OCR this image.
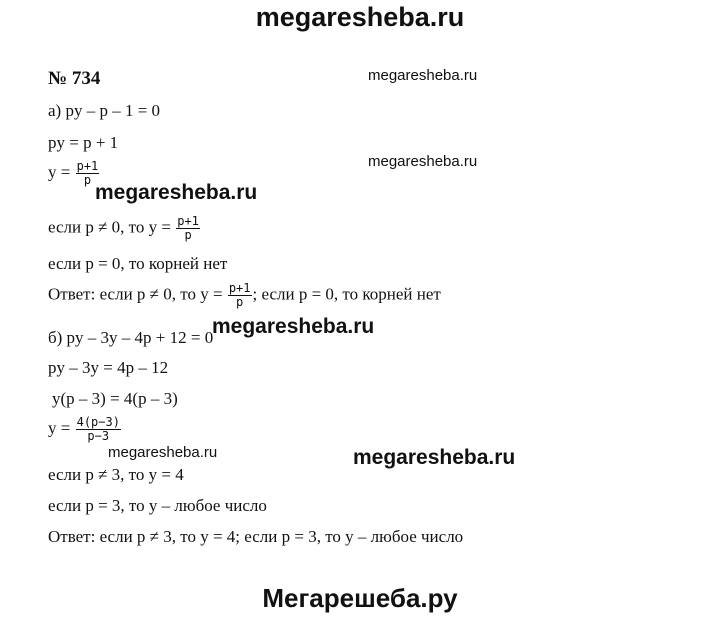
megaresheba.ru
№ 734
а) py – p – 1 = 0
py = p + 1
$y = \frac{p+1}{p}$
если p ≠ 0, то $y = \frac{p+1}{p}$
если p = 0, то корней нет
Ответ: если p ≠ 0, то $y = \frac{p+1}{p}$ ; если p = 0, то корней нет
б) py – 3y – 4p + 12 = 0
py – 3y = 4p – 12
y(p – 3) = 4(p – 3)
$y = \frac{4(p-3)}{p-3}$
если p ≠ 3, то y = 4
если p = 3, то y – любое число
Ответ: если p ≠ 3, то y = 4; если p = 3, то y – любое число
megaresheba.ru
megaresheba.ru
megaresheba.ru
megaresheba.ru
megaresheba.ru	megaresheba.ru
Мегарешеба.ру
